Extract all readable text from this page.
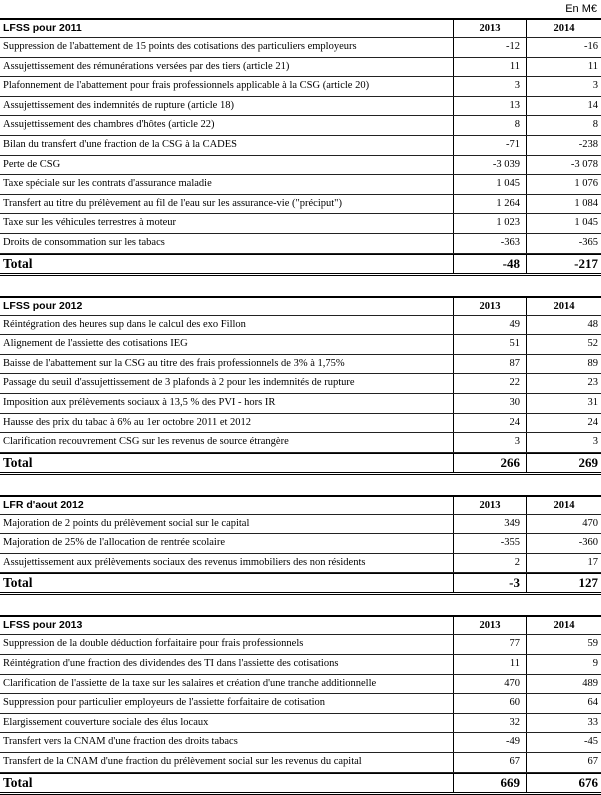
En M€
LFSS pour 2011	2013	2014
Suppression de l'abattement de 15 points des cotisations des particuliers employeurs	-12	-16
Assujettissement des rémunérations versées par des tiers (article 21)	11	11
Plafonnement de l'abattement pour frais professionnels applicable à la CSG (article 20)	3	3
Assujettissement des indemnités de rupture (article 18)	13	14
Assujettissement des chambres d'hôtes (article 22)	8	8
Bilan du transfert d'une fraction de la CSG à la CADES	-71	-238
Perte de CSG	-3 039	-3 078
Taxe spéciale sur les contrats d'assurance maladie	1 045	1 076
Transfert au titre du prélèvement au fil de l'eau sur les assurance-vie ("préciput")	1 264	1 084
Taxe sur les véhicules terrestres à moteur	1 023	1 045
Droits de consommation sur les tabacs	-363	-365
Total	-48	-217
LFSS pour 2012	2013	2014
Réintégration des heures sup dans le calcul des exo Fillon	49	48
Alignement de l'assiette des cotisations IEG	51	52
Baisse de l'abattement sur la CSG au titre des frais professionnels de 3% à 1,75%	87	89
Passage du seuil d'assujettissement de 3 plafonds à 2 pour les indemnités de rupture	22	23
Imposition aux prélèvements sociaux à 13,5 % des PVI - hors IR	30	31
Hausse des prix du tabac à 6% au 1er octobre 2011 et 2012	24	24
Clarification recouvrement CSG sur les revenus de source étrangère	3	3
Total	266	269
LFR d'aout 2012	2013	2014
Majoration de 2 points du prélèvement social sur le capital	349	470
Majoration de 25% de l'allocation de rentrée scolaire	-355	-360
Assujettissement aux prélèvements sociaux des revenus immobiliers des non résidents	2	17
Total	-3	127
LFSS pour 2013	2013	2014
Suppression de la double déduction forfaitaire pour frais professionnels	77	59
Réintégration d'une fraction des dividendes des TI dans l'assiette des cotisations	11	9
Clarification de l'assiette de la taxe sur les salaires et création d'une tranche additionnelle	470	489
Suppression pour particulier employeurs de l'assiette forfaitaire de cotisation	60	64
Elargissement couverture sociale des élus locaux	32	33
Transfert vers la CNAM d'une fraction des droits tabacs	-49	-45
Transfert de la CNAM d'une fraction du prélèvement social sur les revenus du capital	67	67
Total	669	676
